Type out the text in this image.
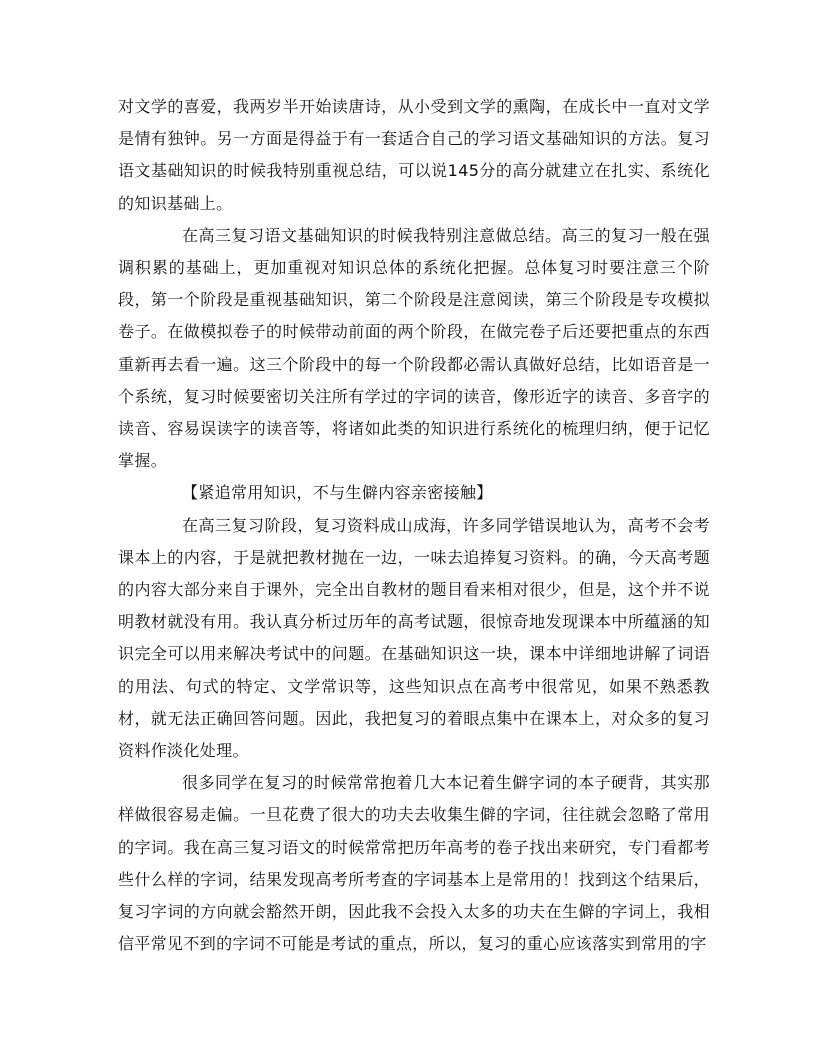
对文学的喜爱，我两岁半开始读唐诗，从小受到文学的熏陶，在成长中一直对文学是情有独钟。另一方面是得益于有一套适合自己的学习语文基础知识的方法。复习语文基础知识的时候我特别重视总结，可以说145分的高分就建立在扎实、系统化的知识基础上。

在高三复习语文基础知识的时候我特别注意做总结。高三的复习一般在强调积累的基础上，更加重视对知识总体的系统化把握。总体复习时要注意三个阶段，第一个阶段是重视基础知识，第二个阶段是注意阅读，第三个阶段是专攻模拟卷子。在做模拟卷子的时候带动前面的两个阶段，在做完卷子后还要把重点的东西重新再去看一遍。这三个阶段中的每一个阶段都必需认真做好总结，比如语音是一个系统，复习时候要密切关注所有学过的字词的读音，像形近字的读音、多音字的读音、容易误读字的读音等，将诸如此类的知识进行系统化的梳理归纳，便于记忆掌握。

【紧追常用知识，不与生僻内容亲密接触】

在高三复习阶段，复习资料成山成海，许多同学错误地认为，高考不会考课本上的内容，于是就把教材抛在一边，一味去追捧复习资料。的确，今天高考题的内容大部分来自于课外，完全出自教材的题目看来相对很少，但是，这个并不说明教材就没有用。我认真分析过历年的高考试题，很惊奇地发现课本中所蕴涵的知识完全可以用来解决考试中的问题。在基础知识这一块，课本中详细地讲解了词语的用法、句式的特定、文学常识等，这些知识点在高考中很常见，如果不熟悉教材，就无法正确回答问题。因此，我把复习的着眼点集中在课本上，对众多的复习资料作淡化处理。

很多同学在复习的时候常常抱着几大本记着生僻字词的本子硬背，其实那样做很容易走偏。一旦花费了很大的功夫去收集生僻的字词，往往就会忽略了常用的字词。我在高三复习语文的时候常常把历年高考的卷子找出来研究，专门看都考些什么样的字词，结果发现高考所考查的字词基本上是常用的！找到这个结果后，复习字词的方向就会豁然开朗，因此我不会投入太多的功夫在生僻的字词上，我相信平常见不到的字词不可能是考试的重点，所以，复习的重心应该落实到常用的字
